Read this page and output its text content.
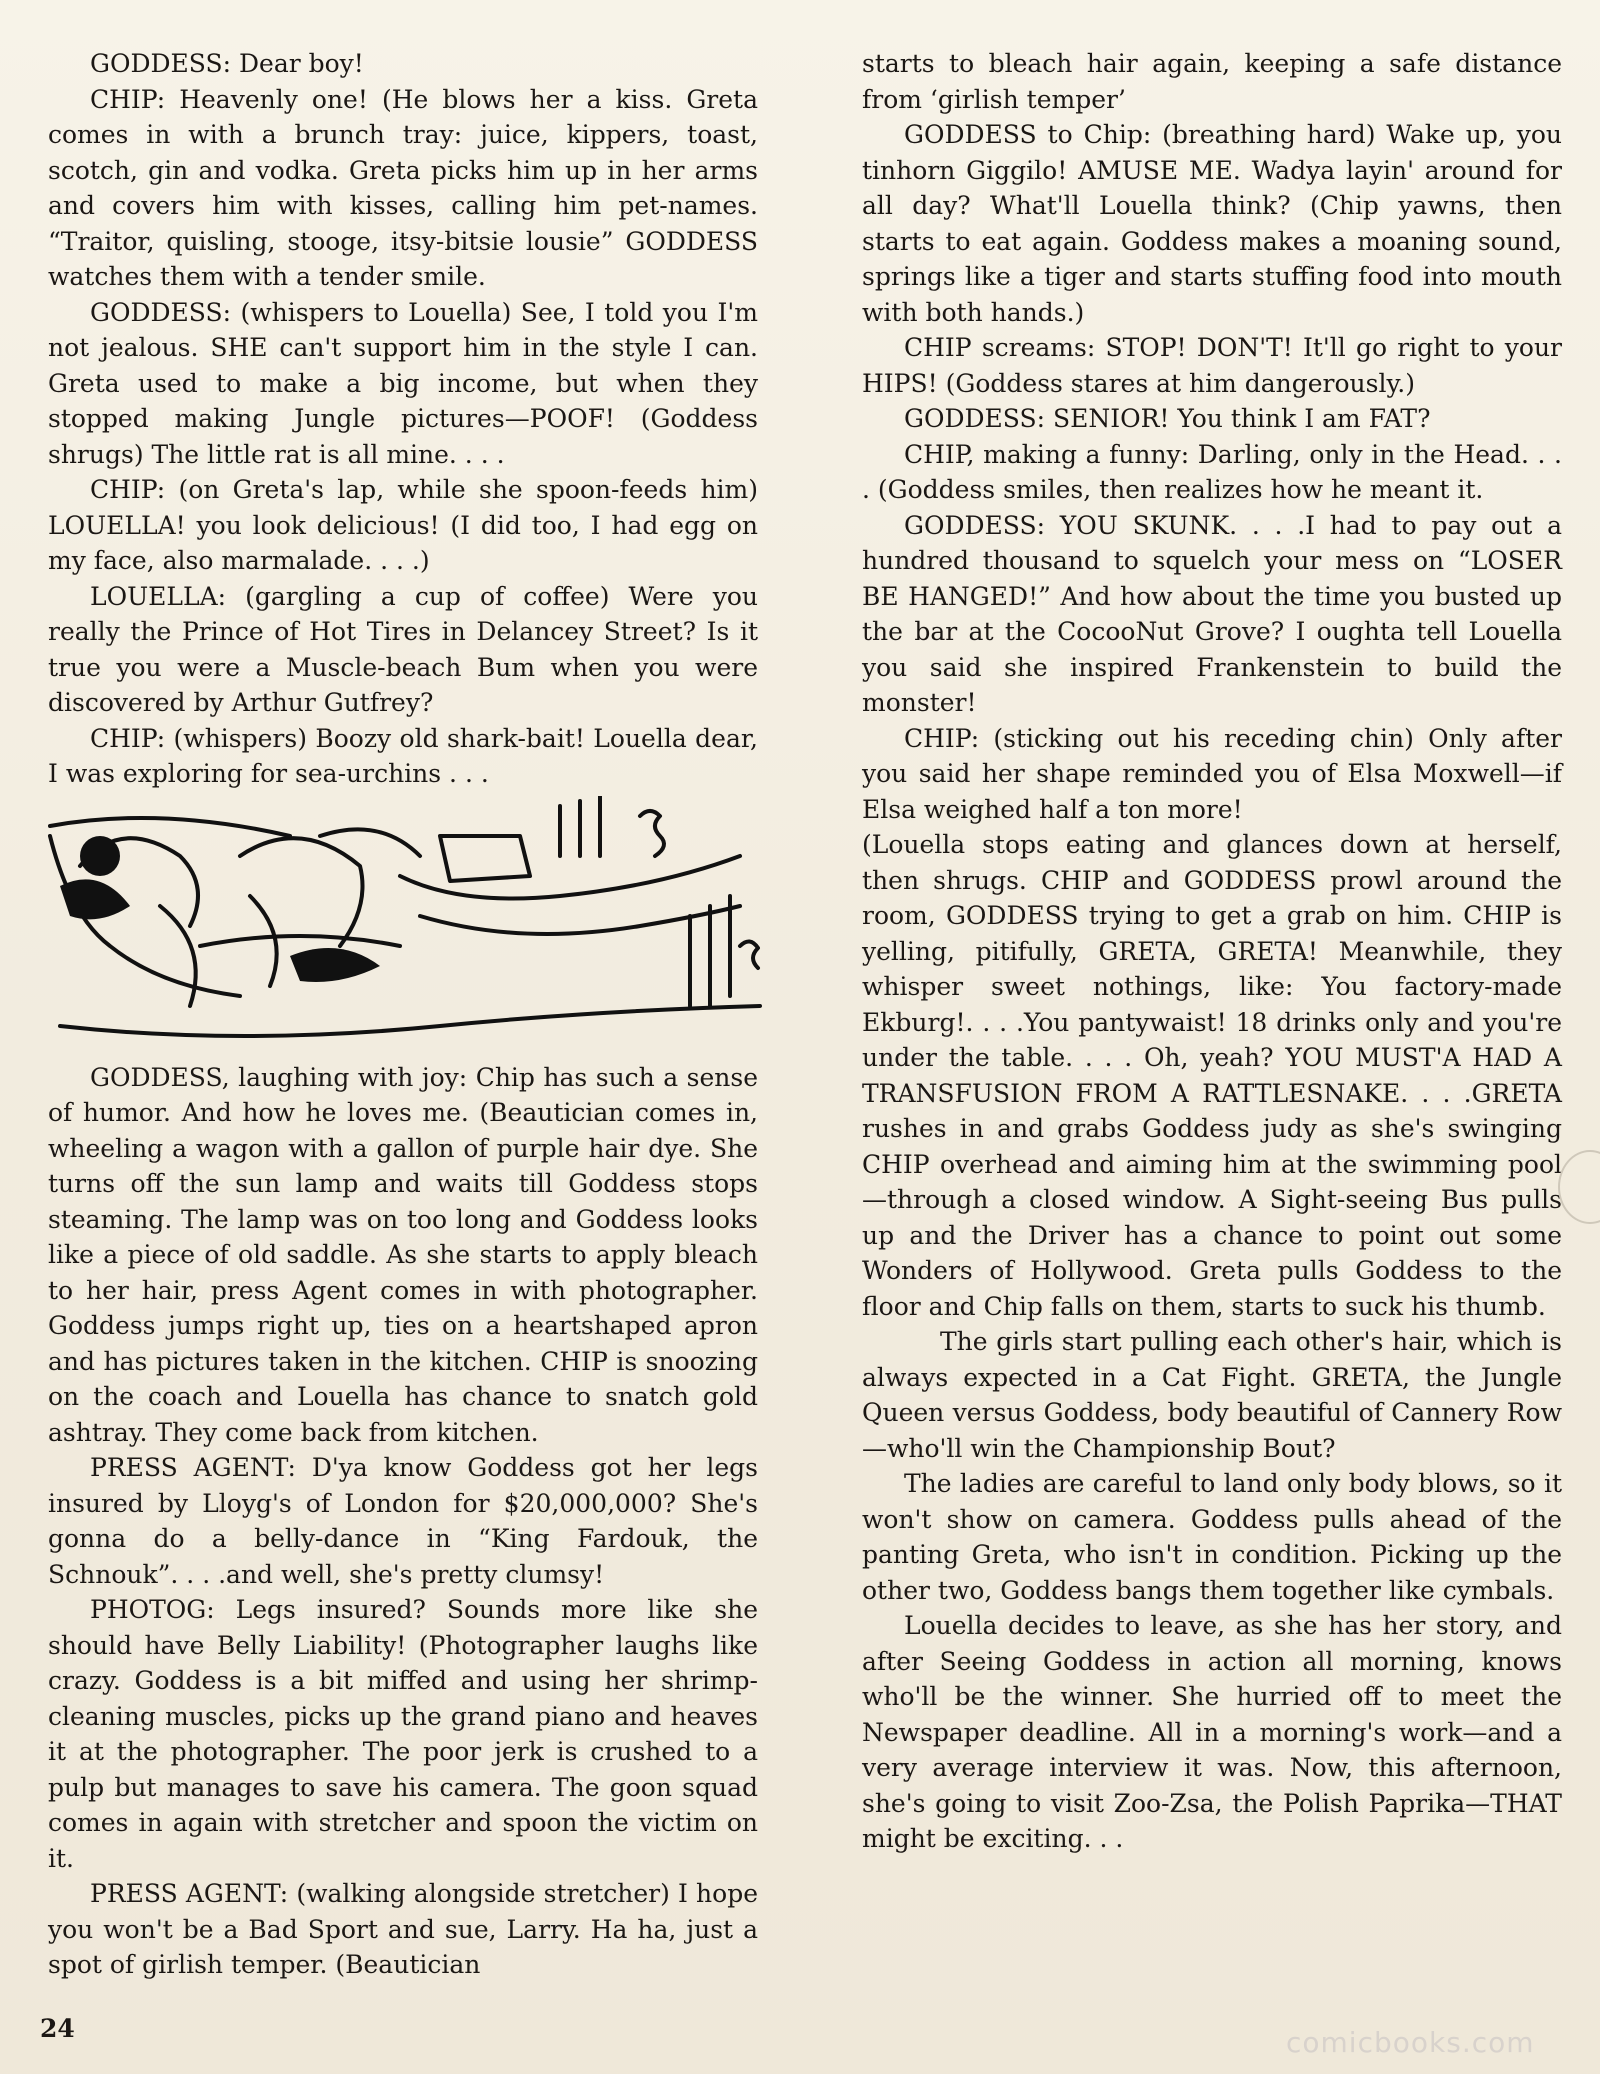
GODDESS: Dear boy!

CHIP: Heavenly one! (He blows her a kiss. Greta comes in with a brunch tray: juice, kippers, toast, scotch, gin and vodka. Greta picks him up in her arms and covers him with kisses, calling him pet-names. “Traitor, quisling, stooge, itsy-bitsie lousie” GODDESS watches them with a tender smile.

GODDESS: (whispers to Louella) See, I told you I'm not jealous. SHE can't support him in the style I can. Greta used to make a big income, but when they stopped making Jungle pictures—POOF! (Goddess shrugs) The little rat is all mine. . . .

CHIP: (on Greta's lap, while she spoon-feeds him) LOUELLA! you look delicious! (I did too, I had egg on my face, also marmalade. . . .)

LOUELLA: (gargling a cup of coffee) Were you really the Prince of Hot Tires in Delancey Street? Is it true you were a Muscle-beach Bum when you were discovered by Arthur Gutfrey?

CHIP: (whispers) Boozy old shark-bait! Louella dear, I was exploring for sea-urchins . . .

GODDESS, laughing with joy: Chip has such a sense of humor. And how he loves me. (Beautician comes in, wheeling a wagon with a gallon of purple hair dye. She turns off the sun lamp and waits till Goddess stops steaming. The lamp was on too long and Goddess looks like a piece of old saddle. As she starts to apply bleach to her hair, press Agent comes in with photographer. Goddess jumps right up, ties on a heartshaped apron and has pictures taken in the kitchen. CHIP is snoozing on the coach and Louella has chance to snatch gold ashtray. They come back from kitchen.

PRESS AGENT: D'ya know Goddess got her legs insured by Lloyg's of London for $20,000,000? She's gonna do a belly-dance in “King Fardouk, the Schnouk”. . . .and well, she's pretty clumsy!

PHOTOG: Legs insured? Sounds more like she should have Belly Liability! (Photographer laughs like crazy. Goddess is a bit miffed and using her shrimp-cleaning muscles, picks up the grand piano and heaves it at the photographer. The poor jerk is crushed to a pulp but manages to save his camera. The goon squad comes in again with stretcher and spoon the victim on it.

PRESS AGENT: (walking alongside stretcher) I hope you won't be a Bad Sport and sue, Larry. Ha ha, just a spot of girlish temper. (Beautician

starts to bleach hair again, keeping a safe distance from ‘girlish temper’

GODDESS to Chip: (breathing hard) Wake up, you tinhorn Giggilo! AMUSE ME. Wadya layin' around for all day? What'll Louella think? (Chip yawns, then starts to eat again. Goddess makes a moaning sound, springs like a tiger and starts stuffing food into mouth with both hands.)

CHIP screams: STOP! DON'T! It'll go right to your HIPS! (Goddess stares at him dangerously.)

GODDESS: SENIOR! You think I am FAT?

CHIP, making a funny: Darling, only in the Head. . . . (Goddess smiles, then realizes how he meant it.

GODDESS: YOU SKUNK. . . .I had to pay out a hundred thousand to squelch your mess on “LOSER BE HANGED!” And how about the time you busted up the bar at the CocooNut Grove? I oughta tell Louella you said she inspired Frankenstein to build the monster!

CHIP: (sticking out his receding chin) Only after you said her shape reminded you of Elsa Moxwell—if Elsa weighed half a ton more!

(Louella stops eating and glances down at herself, then shrugs. CHIP and GODDESS prowl around the room, GODDESS trying to get a grab on him. CHIP is yelling, pitifully, GRETA, GRETA! Meanwhile, they whisper sweet nothings, like: You factory-made Ekburg!. . . .You pantywaist! 18 drinks only and you're under the table. . . . Oh, yeah? YOU MUST'A HAD A TRANSFUSION FROM A RATTLESNAKE. . . .GRETA rushes in and grabs Goddess judy as she's swinging CHIP overhead and aiming him at the swimming pool—through a closed window. A Sight-seeing Bus pulls up and the Driver has a chance to point out some Wonders of Hollywood. Greta pulls Goddess to the floor and Chip falls on them, starts to suck his thumb.

The girls start pulling each other's hair, which is always expected in a Cat Fight. GRETA, the Jungle Queen versus Goddess, body beautiful of Cannery Row—who'll win the Championship Bout?

The ladies are careful to land only body blows, so it won't show on camera. Goddess pulls ahead of the panting Greta, who isn't in condition. Picking up the other two, Goddess bangs them together like cymbals.

Louella decides to leave, as she has her story, and after Seeing Goddess in action all morning, knows who'll be the winner. She hurried off to meet the Newspaper deadline. All in a morning's work—and a very average interview it was. Now, this afternoon, she's going to visit Zoo-Zsa, the Polish Paprika—THAT might be exciting. . .

24	comicbooks.com
